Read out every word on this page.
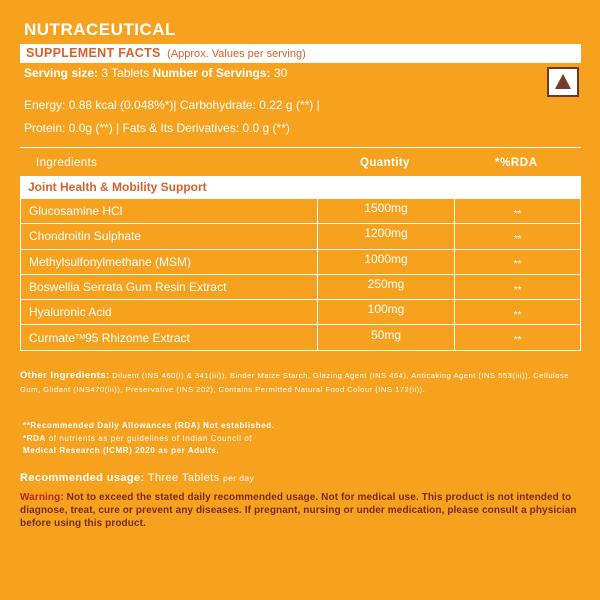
NUTRACEUTICAL
SUPPLEMENT FACTS (Approx. Values per serving)
Serving size: 3 Tablets Number of Servings: 30
Energy: 0.88 kcal (0.048%*)| Carbohydrate: 0.22 g (**) |
Protein: 0.0g (**) | Fats & Its Derivatives: 0.0 g (**)
Ingredients	Quantity	*%RDA
Joint Health & Mobility Support
Glucosamine HCl	1500mg	**
Chondroitin Sulphate	1200mg	**
Methylsulfonylmethane (MSM)	1000mg	**
Boswellia Serrata Gum Resin Extract	250mg	**
Hyaluronic Acid	100mg	**
Curmate TM 95 Rhizome Extract	50mg	**
Other Ingredients: Diluent (INS 460(i) & 341(iii)), Binder Maize Starch, Glazing Agent (INS 464), Anticaking Agent (INS 553(iii)), Cellulose Gum, Glidant (INS470(iii)), Preservative (INS 202), Contains Permitted Natural Food Colour (INS 172(ii)).
**Recommended Daily Allowances (RDA) Not established.
*RDA of nutrients as per guidelines of Indian Council of
Medical Research (ICMR) 2020 as per Adults.
Recommended usage: Three Tablets per day
Warning: Not to exceed the stated daily recommended usage. Not for medical use. This product is not intended to diagnose, treat, cure or prevent any diseases. If pregnant, nursing or under medication, please consult a physician before using this product.
